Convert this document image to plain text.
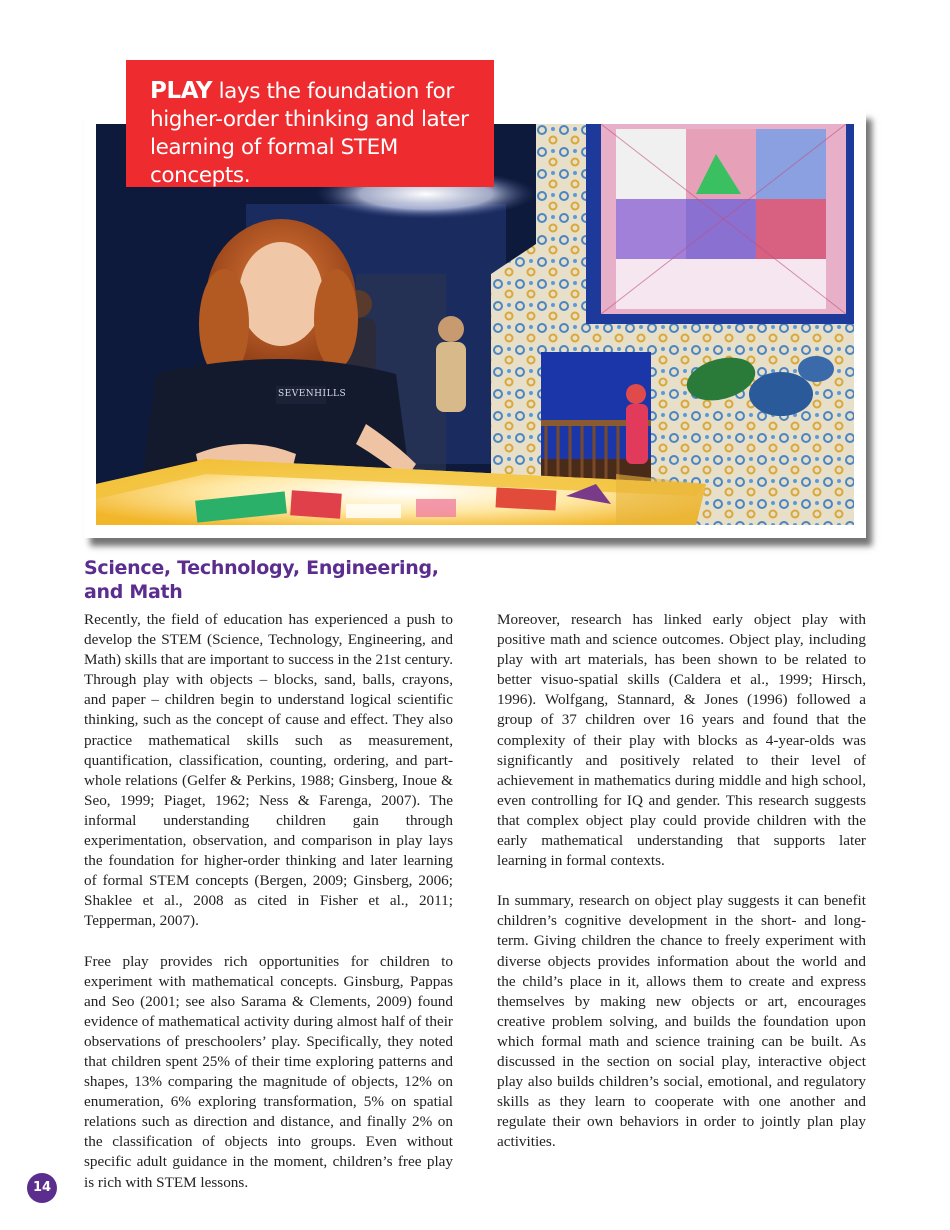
SEVENHILLS
PLAY lays the foundation for higher-order thinking and later learning of formal STEM concepts.
Science, Technology, Engineering, and Math

Recently, the field of education has experienced a push to develop the STEM (Science, Technology, Engineering, and Math) skills that are important to success in the 21st century. Through play with objects – blocks, sand, balls, crayons, and paper – children begin to understand logical scientific thinking, such as the concept of cause and effect. They also practice mathematical skills such as measurement, quantification, classification, counting, ordering, and part-whole relations (Gelfer & Perkins, 1988; Ginsberg, Inoue & Seo, 1999; Piaget, 1962; Ness & Farenga, 2007). The informal understanding children gain through experimentation, observation, and comparison in play lays the foundation for higher-order thinking and later learning of formal STEM concepts (Bergen, 2009; Ginsberg, 2006; Shaklee et al., 2008 as cited in Fisher et al., 2011; Tepperman, 2007).

Free play provides rich opportunities for children to experiment with mathematical concepts. Ginsburg, Pappas and Seo (2001; see also Sarama & Clements, 2009) found evidence of mathematical activity during almost half of their observations of preschoolers’ play. Specifically, they noted that children spent 25% of their time exploring patterns and shapes, 13% comparing the magnitude of objects, 12% on enumeration, 6% exploring transformation, 5% on spatial relations such as direction and distance, and finally 2% on the classification of objects into groups. Even without specific adult guidance in the moment, children’s free play is rich with STEM lessons.

Moreover, research has linked early object play with positive math and science outcomes. Object play, including play with art materials, has been shown to be related to better visuo-spatial skills (Caldera et al., 1999; Hirsch, 1996). Wolfgang, Stannard, & Jones (1996) followed a group of 37 children over 16 years and found that the complexity of their play with blocks as 4-year-olds was significantly and positively related to their level of achievement in mathematics during middle and high school, even controlling for IQ and gender. This research suggests that complex object play could provide children with the early mathematical understanding that supports later learning in formal contexts.

In summary, research on object play suggests it can benefit children’s cognitive development in the short- and long-term. Giving children the chance to freely experiment with diverse objects provides information about the world and the child’s place in it, allows them to create and express themselves by making new objects or art, encourages creative problem solving, and builds the foundation upon which formal math and science training can be built. As discussed in the section on social play, interactive object play also builds children’s social, emotional, and regulatory skills as they learn to cooperate with one another and regulate their own behaviors in order to jointly plan play activities.

14
